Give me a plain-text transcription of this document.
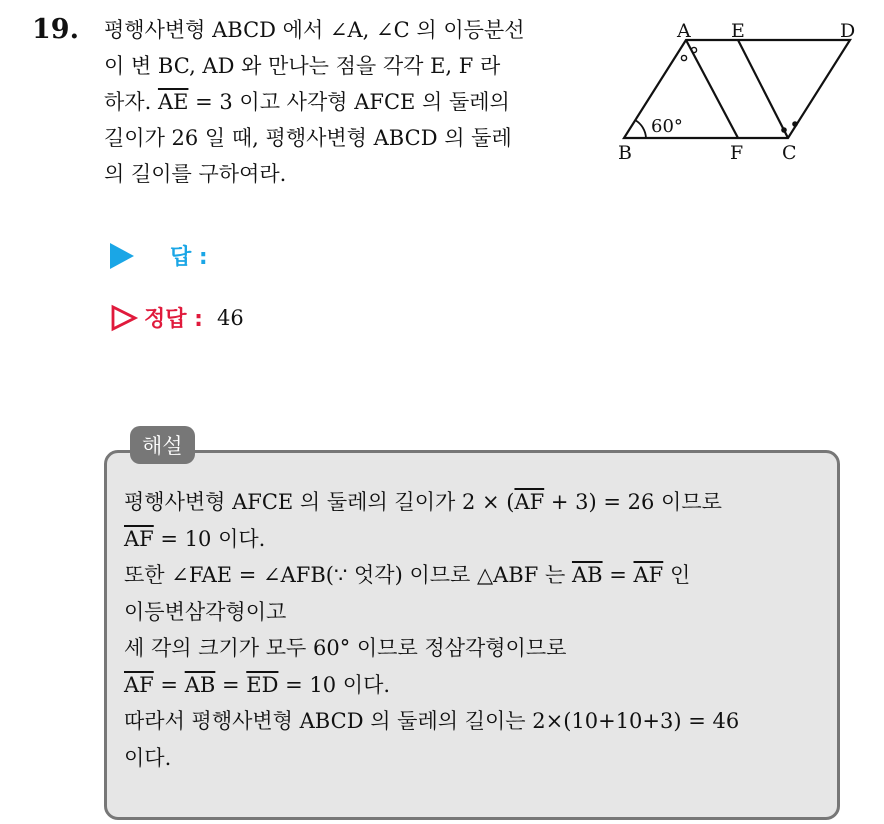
19. 평행사변형 ABCD 에서 ∠A, ∠C 의 이등분선
이 변 BC, AD 와 만나는 점을 각각 E, F 라
하자. $\overline{AE} = 3$ 이고 사각형 AFCE 의 둘레의
길이가 26 일 때, 평행사변형 ABCD 의 둘레
의 길이를 구하여라.
A E	D
B	F C
60°
답 :
정답 : 46
해설
평행사변형 AFCE 의 둘레의 길이가 $2 \times (\overline{AF} + 3) = 26$ 이므로
$\overline{AF} = 10$ 이다.
또한 ∠FAE = ∠AFB(∵ 엇각) 이므로 △ABF 는 $\overline{AB} = \overline{AF}$ 인
이등변삼각형이고
세 각의 크기가 모두 60° 이므로 정삼각형이므로
$\overline{AF} = \overline{AB} = \overline{ED} = 10$ 이다.
따라서 평행사변형 ABCD 의 둘레의 길이는 2×(10+10+3) = 46
이다.
